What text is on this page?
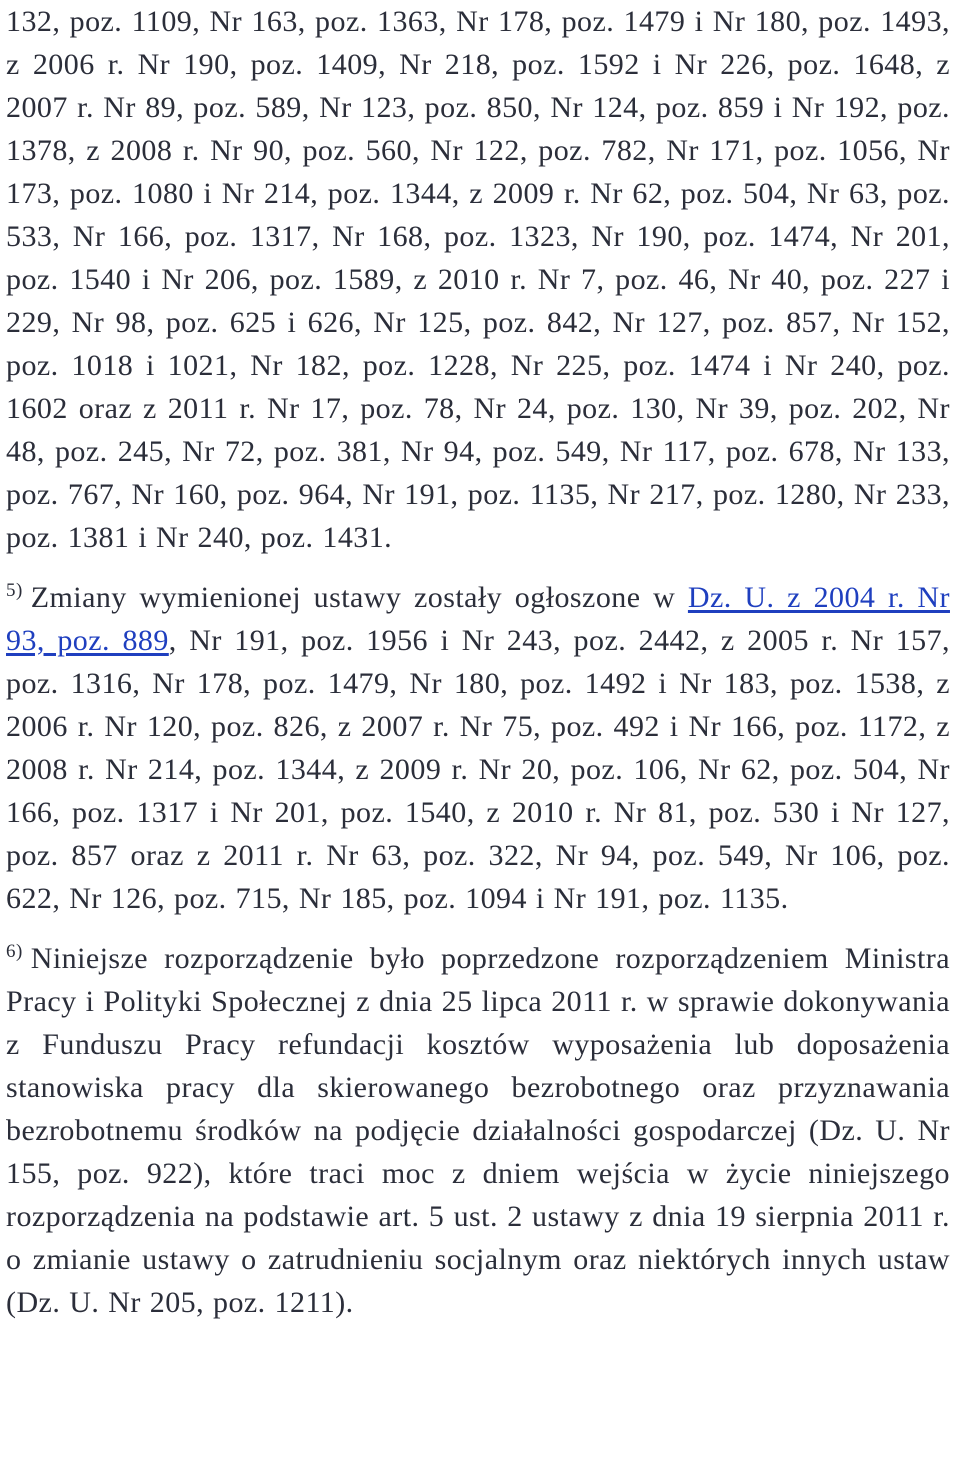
132, poz. 1109, Nr 163, poz. 1363, Nr 178, poz. 1479 i Nr 180, poz. 1493, z 2006 r. Nr 190, poz. 1409, Nr 218, poz. 1592 i Nr 226, poz. 1648, z 2007 r. Nr 89, poz. 589, Nr 123, poz. 850, Nr 124, poz. 859 i Nr 192, poz. 1378, z 2008 r. Nr 90, poz. 560, Nr 122, poz. 782, Nr 171, poz. 1056, Nr 173, poz. 1080 i Nr 214, poz. 1344, z 2009 r. Nr 62, poz. 504, Nr 63, poz. 533, Nr 166, poz. 1317, Nr 168, poz. 1323, Nr 190, poz. 1474, Nr 201, poz. 1540 i Nr 206, poz. 1589, z 2010 r. Nr 7, poz. 46, Nr 40, poz. 227 i 229, Nr 98, poz. 625 i 626, Nr 125, poz. 842, Nr 127, poz. 857, Nr 152, poz. 1018 i 1021, Nr 182, poz. 1228, Nr 225, poz. 1474 i Nr 240, poz. 1602 oraz z 2011 r. Nr 17, poz. 78, Nr 24, poz. 130, Nr 39, poz. 202, Nr 48, poz. 245, Nr 72, poz. 381, Nr 94, poz. 549, Nr 117, poz. 678, Nr 133, poz. 767, Nr 160, poz. 964, Nr 191, poz. 1135, Nr 217, poz. 1280, Nr 233, poz. 1381 i Nr 240, poz. 1431.

$^{5)}$ Zmiany wymienionej ustawy zostały ogłoszone w Dz. U. z 2004 r. Nr 93, poz. 889, Nr 191, poz. 1956 i Nr 243, poz. 2442, z 2005 r. Nr 157, poz. 1316, Nr 178, poz. 1479, Nr 180, poz. 1492 i Nr 183, poz. 1538, z 2006 r. Nr 120, poz. 826, z 2007 r. Nr 75, poz. 492 i Nr 166, poz. 1172, z 2008 r. Nr 214, poz. 1344, z 2009 r. Nr 20, poz. 106, Nr 62, poz. 504, Nr 166, poz. 1317 i Nr 201, poz. 1540, z 2010 r. Nr 81, poz. 530 i Nr 127, poz. 857 oraz z 2011 r. Nr 63, poz. 322, Nr 94, poz. 549, Nr 106, poz. 622, Nr 126, poz. 715, Nr 185, poz. 1094 i Nr 191, poz. 1135.

$^{6)}$ Niniejsze rozporządzenie było poprzedzone rozporządzeniem Ministra Pracy i Polityki Społecznej z dnia 25 lipca 2011 r. w sprawie dokonywania z Funduszu Pracy refundacji kosztów wyposażenia lub doposażenia stanowiska pracy dla skierowanego bezrobotnego oraz przyznawania bezrobotnemu środków na podjęcie działalności gospodarczej (Dz. U. Nr 155, poz. 922), które traci moc z dniem wejścia w życie niniejszego rozporządzenia na podstawie art. 5 ust. 2 ustawy z dnia 19 sierpnia 2011 r. o zmianie ustawy o zatrudnieniu socjalnym oraz niektórych innych ustaw (Dz. U. Nr 205, poz. 1211).
